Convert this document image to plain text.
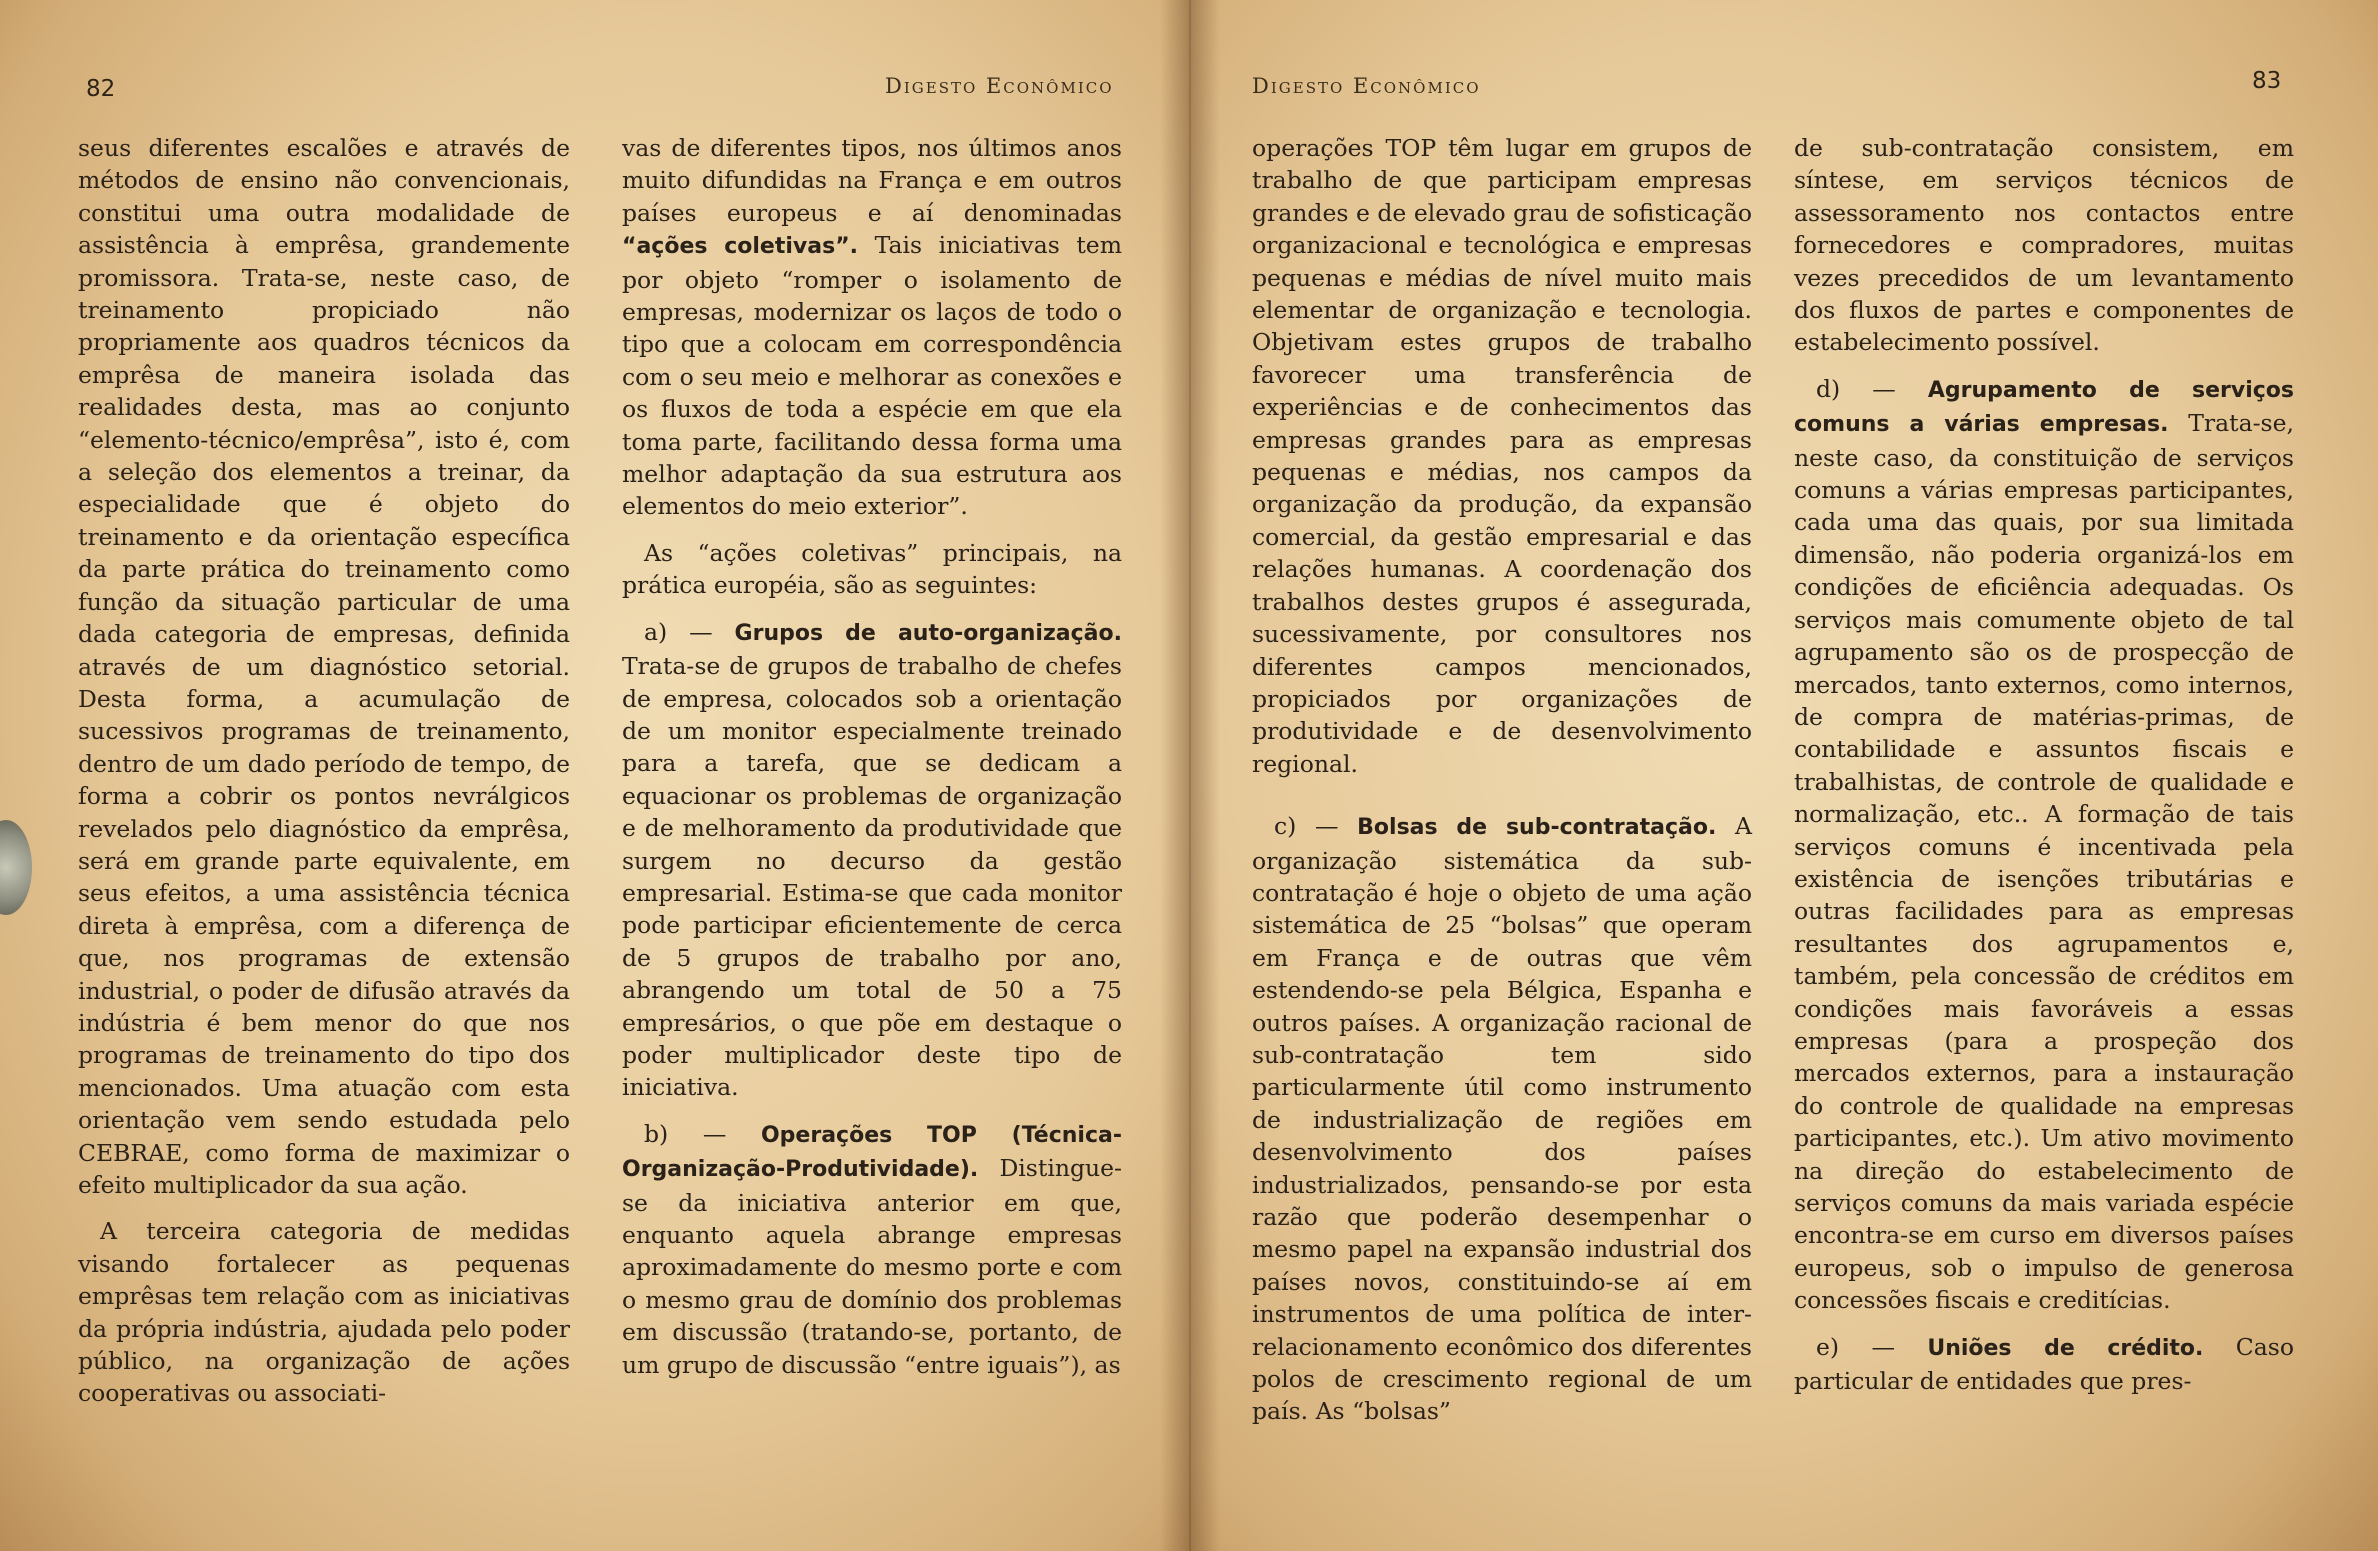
82	Digesto Econômico

seus diferentes escalões e através de métodos de ensino não convencionais, constitui uma outra modalidade de assistência à emprêsa, grandemente promissora. Trata-se, neste caso, de treinamento propiciado não propriamente aos quadros técnicos da emprêsa de maneira isolada das realidades desta, mas ao conjunto “elemento-técnico/emprêsa”, isto é, com a seleção dos elementos a treinar, da especialidade que é objeto do treinamento e da orientação específica da parte prática do treinamento como função da situação particular de uma dada categoria de empresas, definida através de um diagnóstico setorial. Desta forma, a acumulação de sucessivos programas de treinamento, dentro de um dado período de tempo, de forma a cobrir os pontos nevrálgicos revelados pelo diagnóstico da emprêsa, será em grande parte equivalente, em seus efeitos, a uma assistência técnica direta à emprêsa, com a diferença de que, nos programas de extensão industrial, o poder de difusão através da indústria é bem menor do que nos programas de treinamento do tipo dos mencionados. Uma atuação com esta orientação vem sendo estudada pelo CEBRAE, como forma de maximizar o efeito multiplicador da sua ação.

A terceira categoria de medidas visando fortalecer as pequenas emprêsas tem relação com as iniciativas da própria indústria, ajudada pelo poder público, na organização de ações cooperativas ou associati-

vas de diferentes tipos, nos últimos anos muito difundidas na França e em outros países europeus e aí denominadas “ações coletivas”. Tais iniciativas tem por objeto “romper o isolamento de empresas, modernizar os laços de todo o tipo que a colocam em correspondência com o seu meio e melhorar as conexões e os fluxos de toda a espécie em que ela toma parte, facilitando dessa forma uma melhor adaptação da sua estrutura aos elementos do meio exterior”.

As “ações coletivas” principais, na prática européia, são as seguintes:

a) — Grupos de auto-organização. Trata-se de grupos de trabalho de chefes de empresa, colocados sob a orientação de um monitor especialmente treinado para a tarefa, que se dedicam a equacionar os problemas de organização e de melhoramento da produtividade que surgem no decurso da gestão empresarial. Estima-se que cada monitor pode participar eficientemente de cerca de 5 grupos de trabalho por ano, abrangendo um total de 50 a 75 empresários, o que põe em destaque o poder multiplicador deste tipo de iniciativa.

b) — Operações TOP (Técnica-Organização-Produtividade). Distingue-se da iniciativa anterior em que, enquanto aquela abrange empresas aproximadamente do mesmo porte e com o mesmo grau de domínio dos problemas em discussão (tratando-se, portanto, de um grupo de discussão “entre iguais”), as

Digesto Econômico	83

operações TOP têm lugar em grupos de trabalho de que participam empresas grandes e de elevado grau de sofisticação organizacional e tecnológica e empresas pequenas e médias de nível muito mais elementar de organização e tecnologia. Objetivam estes grupos de trabalho favorecer uma transferência de experiências e de conhecimentos das empresas grandes para as empresas pequenas e médias, nos campos da organização da produção, da expansão comercial, da gestão empresarial e das relações humanas. A coordenação dos trabalhos destes grupos é assegurada, sucessivamente, por consultores nos diferentes campos mencionados, propiciados por organizações de produtividade e de desenvolvimento regional.

c) — Bolsas de sub-contratação. A organização sistemática da sub-contratação é hoje o objeto de uma ação sistemática de 25 “bolsas” que operam em França e de outras que vêm estendendo-se pela Bélgica, Espanha e outros países. A organização racional de sub-contratação tem sido particularmente útil como instrumento de industrialização de regiões em desenvolvimento dos países industrializados, pensando-se por esta razão que poderão desempenhar o mesmo papel na expansão industrial dos países novos, constituindo-se aí em instrumentos de uma política de inter-relacionamento econômico dos diferentes polos de crescimento regional de um país. As “bolsas”

de sub-contratação consistem, em síntese, em serviços técnicos de assessoramento nos contactos entre fornecedores e compradores, muitas vezes precedidos de um levantamento dos fluxos de partes e componentes de estabelecimento possível.

d) — Agrupamento de serviços comuns a várias empresas. Trata-se, neste caso, da constituição de serviços comuns a várias empresas participantes, cada uma das quais, por sua limitada dimensão, não poderia organizá-los em condições de eficiência adequadas. Os serviços mais comumente objeto de tal agrupamento são os de prospecção de mercados, tanto externos, como internos, de compra de matérias-primas, de contabilidade e assuntos fiscais e trabalhistas, de controle de qualidade e normalização, etc.. A formação de tais serviços comuns é incentivada pela existência de isenções tributárias e outras facilidades para as empresas resultantes dos agrupamentos e, também, pela concessão de créditos em condições mais favoráveis a essas empresas (para a prospeção dos mercados externos, para a instauração do controle de qualidade na empresas participantes, etc.). Um ativo movimento na direção do estabelecimento de serviços comuns da mais variada espécie encontra-se em curso em diversos países europeus, sob o impulso de generosa concessões fiscais e creditícias.

e) — Uniões de crédito. Caso particular de entidades que pres-
